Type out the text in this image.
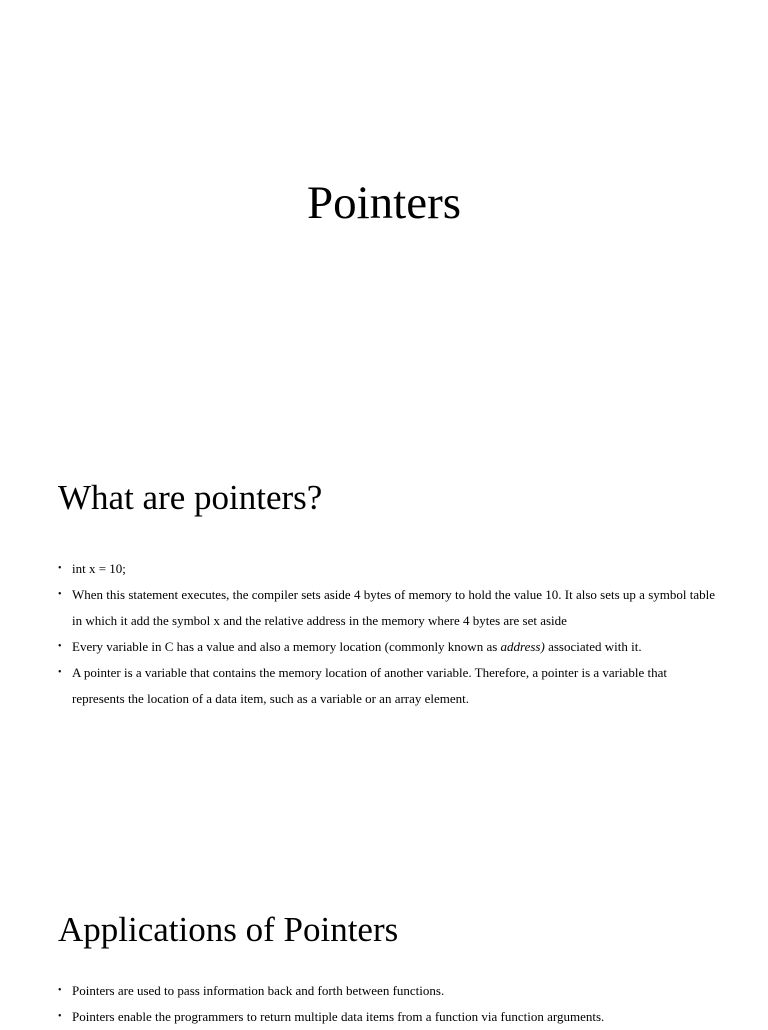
Pointers
What are pointers?
• int x = 10;
• When this statement executes, the compiler sets aside 4 bytes of memory to hold the value 10. It also sets up a symbol table in which it add the symbol x and the relative address in the memory where 4 bytes are set aside
• Every variable in C has a value and also a memory location (commonly known as address) associated with it.
• A pointer is a variable that contains the memory location of another variable. Therefore, a pointer is a variable that represents the location of a data item, such as a variable or an array element.
Applications of Pointers
• Pointers are used to pass information back and forth between functions.
• Pointers enable the programmers to return multiple data items from a function via function arguments.
